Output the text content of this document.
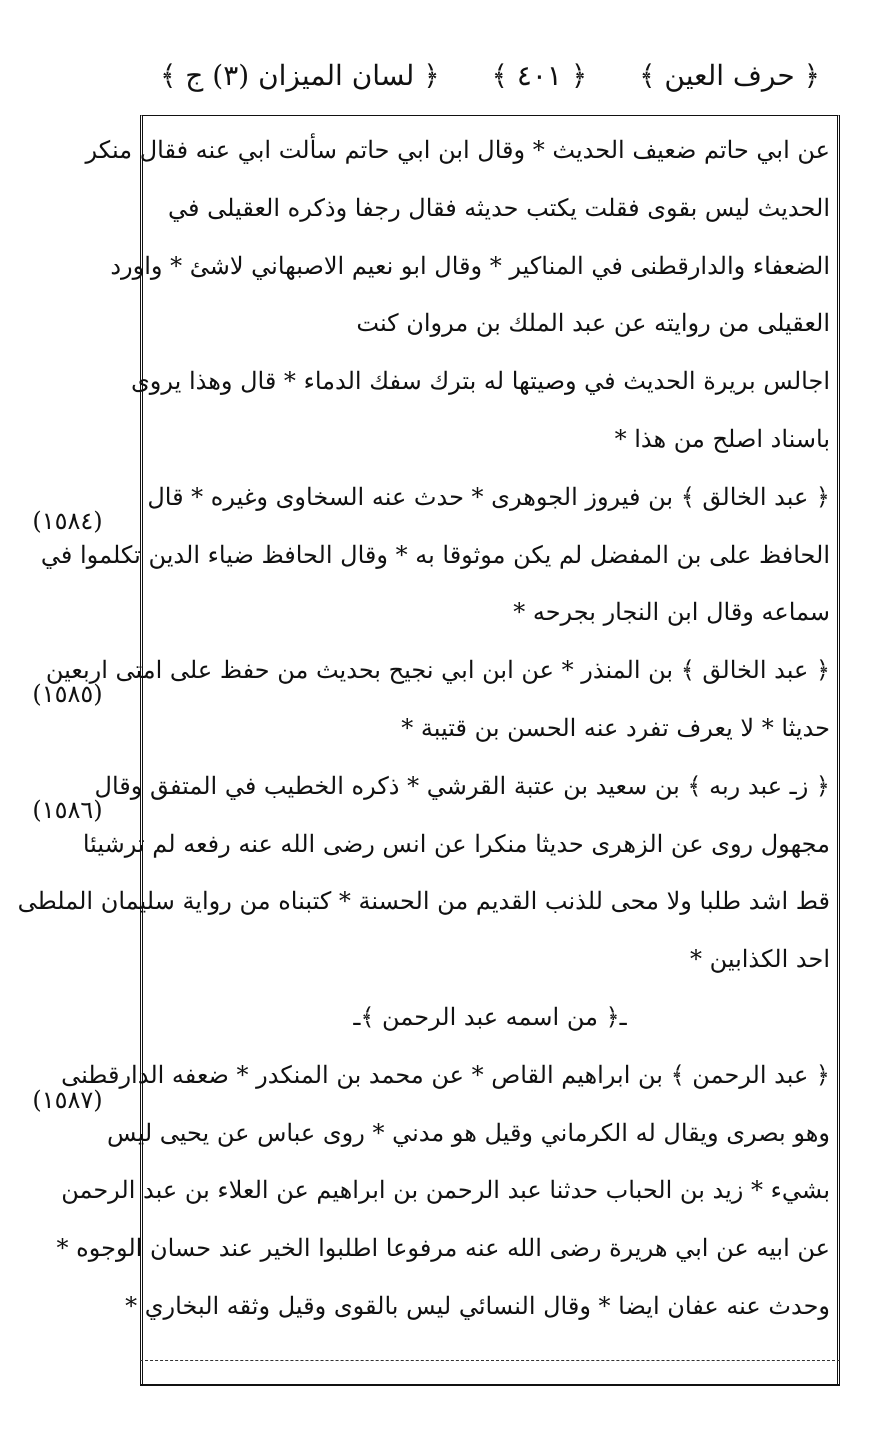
﴿ حرف العين ﴾
﴿ ٤٠١ ﴾
﴿ لسان الميزان (٣) ج ﴾
عن ابي حاتم ضعيف الحديث * وقال ابن ابي حاتم سألت ابي عنه فقال منكر
الحديث ليس بقوى فقلت يكتب حديثه فقال رجفا وذكره العقيلى في
الضعفاء والدارقطنى في المناكير * وقال ابو نعيم الاصبهاني لاشئ * واورد
العقيلى من روايته عن عبد الملك بن مروان كنت
اجالس بريرة الحديث في وصيتها له بترك سفك الدماء * قال وهذا يروى
باسناد اصلح من هذا *
﴿ عبد الخالق ﴾ بن فيروز الجوهرى * حدث عنه السخاوى وغيره * قال
الحافظ على بن المفضل لم يكن موثوقا به * وقال الحافظ ضياء الدين تكلموا في
سماعه وقال ابن النجار بجرحه *
﴿ عبد الخالق ﴾ بن المنذر * عن ابن ابي نجيح بحديث من حفظ على امتى اربعين
حديثا * لا يعرف تفرد عنه الحسن بن قتيبة *
﴿ زـ عبد ربه ﴾ بن سعيد بن عتبة القرشي * ذكره الخطيب في المتفق وقال
مجهول روى عن الزهرى حديثا منكرا عن انس رضى الله عنه رفعه لم ترشيئا
قط اشد طلبا ولا محى للذنب القديم من الحسنة * كتبناه من رواية سليمان الملطى
احد الكذابين *
ـ﴿ من اسمه عبد الرحمن ﴾ـ
﴿ عبد الرحمن ﴾ بن ابراهيم القاص * عن محمد بن المنكدر * ضعفه الدارقطنى
وهو بصرى ويقال له الكرماني وقيل هو مدني * روى عباس عن يحيى ليس
بشيء * زيد بن الحباب حدثنا عبد الرحمن بن ابراهيم عن العلاء بن عبد الرحمن
عن ابيه عن ابي هريرة رضى الله عنه مرفوعا اطلبوا الخير عند حسان الوجوه *
وحدث عنه عفان ايضا * وقال النسائي ليس بالقوى وقيل وثقه البخاري *
(١٥٨٤)
(١٥٨٥)
(١٥٨٦)
(١٥٨٧)
